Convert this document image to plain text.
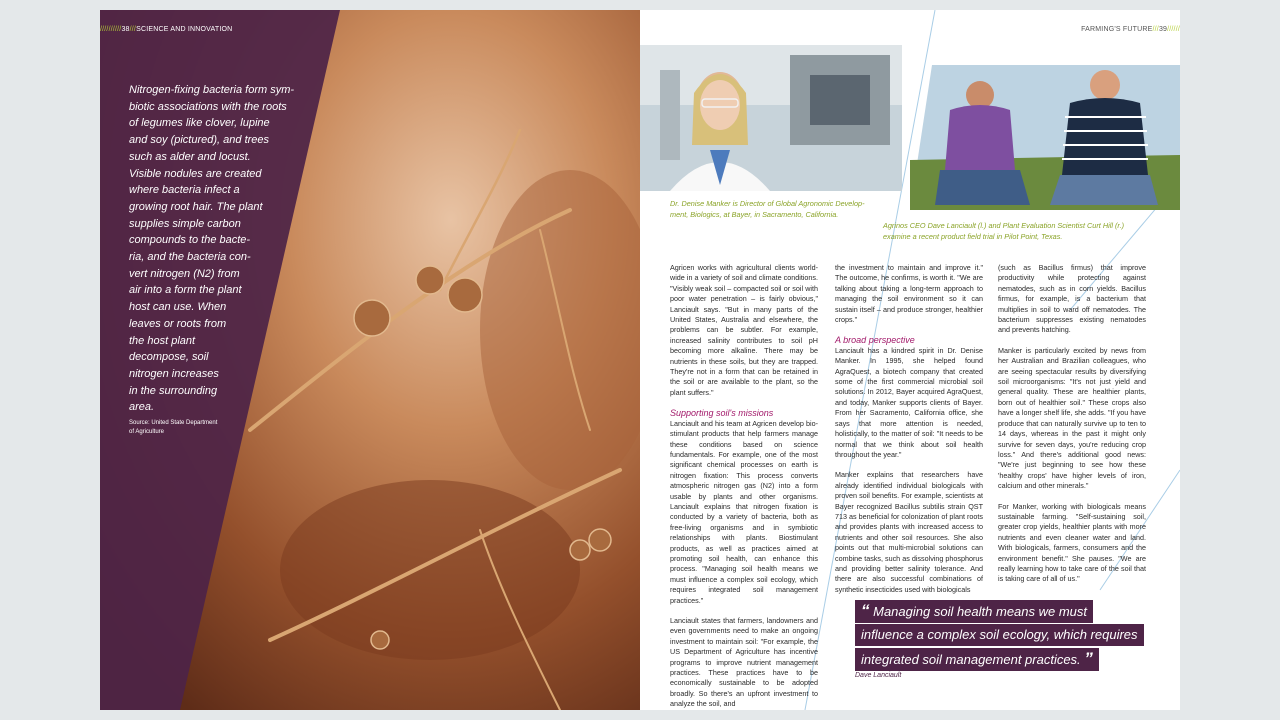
//////////38///SCIENCE AND INNOVATION
Nitrogen-fixing bacteria form sym-
biotic associations with the roots
of legumes like clover, lupine
and soy (pictured), and trees
such as alder and locust.
Visible nodules are created
where bacteria infect a
growing root hair. The plant
supplies simple carbon
compounds to the bacte-
ria, and the bacteria con-
vert nitrogen (N2) from
air into a form the plant
host can use. When
leaves or roots from
the host plant
decompose, soil
nitrogen increases
in the surrounding
area.
Source: United State Department
of Agriculture
FARMING'S FUTURE///39//////
Dr. Denise Manker is Director of Global Agronomic Develop-
ment, Biologics, at Bayer, in Sacramento, California.
Agrinos CEO Dave Lanciault (l.) and Plant Evaluation Scientist Curt Hill (r.)
examine a recent product field trial in Pilot Point, Texas.

Agricen works with agricultural clients world-wide in a variety of soil and climate conditions. "Visibly weak soil – compacted soil or soil with poor water penetration – is fairly obvious," Lanciault says. "But in many parts of the United States, Australia and elsewhere, the problems can be subtler. For example, increased salinity contributes to soil pH becoming more alkaline. There may be nutrients in these soils, but they are trapped. They're not in a form that can be retained in the soil or are available to the plant, so the plant suffers."

Supporting soil's missions

Lanciault and his team at Agricen develop bio-stimulant products that help farmers manage these conditions based on science fundamentals. For example, one of the most significant chemical processes on earth is nitrogen fixation: This process converts atmospheric nitrogen gas (N2) into a form usable by plants and other organisms. Lanciault explains that nitrogen fixation is conducted by a variety of bacteria, both as free-living organisms and in symbiotic relationships with plants. Biostimulant products, as well as practices aimed at promoting soil health, can enhance this process. "Managing soil health means we must influence a complex soil ecology, which requires integrated soil management practices."

Lanciault states that farmers, landowners and even governments need to make an ongoing investment to maintain soil: "For example, the US Department of Agriculture has incentive programs to improve nutrient management practices. These practices have to be economically sustainable to be adopted broadly. So there's an upfront investment to analyze the soil, and

the investment to maintain and improve it." The outcome, he confirms, is worth it. "We are talking about taking a long-term approach to managing the soil environment so it can sustain itself – and produce stronger, healthier crops."

A broad perspective

Lanciault has a kindred spirit in Dr. Denise Manker. In 1995, she helped found AgraQuest, a biotech company that created some of the first commercial microbial soil solutions. In 2012, Bayer acquired AgraQuest, and today, Manker supports clients of Bayer. From her Sacramento, California office, she says that more attention is needed, holistically, to the matter of soil: "It needs to be normal that we think about soil health throughout the year."

Manker explains that researchers have already identified individual biologicals with proven soil benefits. For example, scientists at Bayer recognized Bacillus subtilis strain QST 713 as beneficial for colonization of plant roots and provides plants with increased access to nutrients and other soil resources. She also points out that multi-microbial solutions can combine tasks, such as dissolving phosphorus and providing better salinity tolerance. And there are also successful combinations of synthetic insecticides used with biologicals

(such as Bacillus firmus) that improve productivity while protecting against nematodes, such as in corn yields. Bacillus firmus, for example, is a bacterium that multiplies in soil to ward off nematodes. The bacterium suppresses existing nematodes and prevents hatching.

Manker is particularly excited by news from her Australian and Brazilian colleagues, who are seeing spectacular results by diversifying soil microorganisms: "It's not just yield and general quality. These are healthier plants, born out of healthier soil." These crops also have a longer shelf life, she adds. "If you have produce that can naturally survive up to ten to 14 days, whereas in the past it might only survive for seven days, you're reducing crop loss." And there's additional good news: "We're just beginning to see how these 'healthy crops' have higher levels of iron, calcium and other minerals."

For Manker, working with biologicals means sustainable farming. "Self-sustaining soil, greater crop yields, healthier plants with more nutrients and even cleaner water and land. With biologicals, farmers, consumers and the environment benefit." She pauses. "We are really learning how to take care of the soil that is taking care of all of us."

“ Managing soil health means we must
influence a complex soil ecology, which requires
integrated soil management practices. ”
Dave Lanciault
